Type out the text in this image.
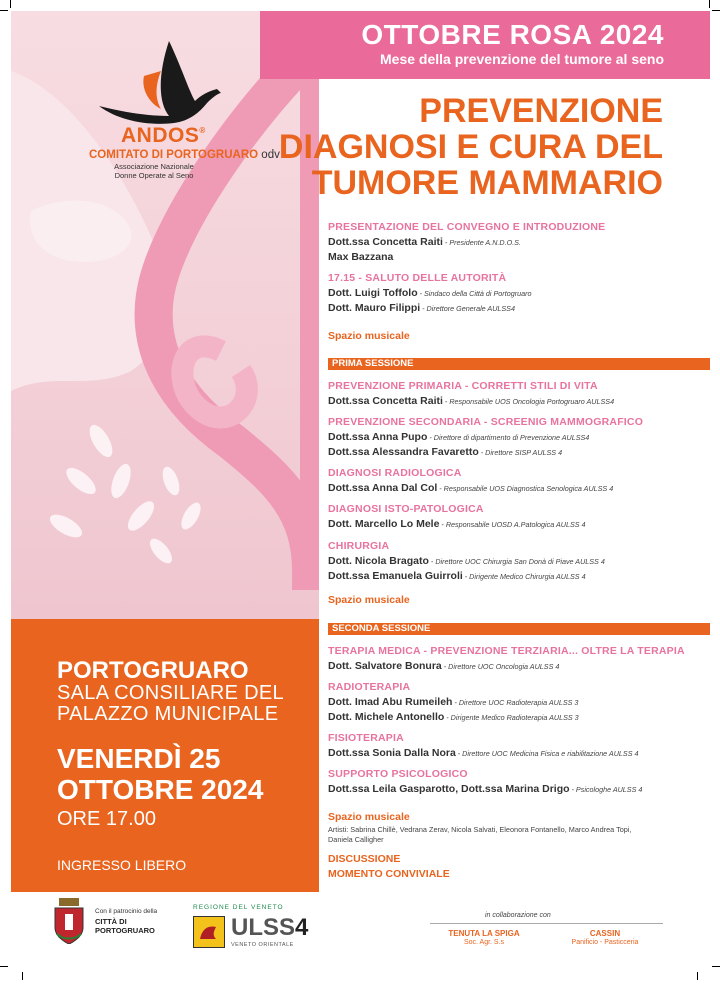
OTTOBRE ROSA 2024
Mese della prevenzione del tumore al seno
ANDOS®
COMITATO DI PORTOGRUARO odv
Associazione Nazionale
Donne Operate al Seno
PREVENZIONE
DIAGNOSI E CURA DEL
TUMORE MAMMARIO
PRESENTAZIONE DEL CONVEGNO E INTRODUZIONE
Dott.ssa Concetta Raiti - Presidente A.N.D.O.S.
Max Bazzana
17.15 - SALUTO DELLE AUTORITÀ
Dott. Luigi Toffolo - Sindaco della Città di Portogruaro
Dott. Mauro Filippi - Direttore Generale AULSS4
Spazio musicale
PRIMA SESSIONE
PREVENZIONE PRIMARIA - CORRETTI STILI DI VITA
Dott.ssa Concetta Raiti - Responsabile UOS Oncologia Portogruaro AULSS4
PREVENZIONE SECONDARIA - SCREENIG MAMMOGRAFICO
Dott.ssa Anna Pupo - Direttore di dipartimento di Prevenzione AULSS4
Dott.ssa Alessandra Favaretto - Direttore SISP AULSS 4
DIAGNOSI RADIOLOGICA
Dott.ssa Anna Dal Col - Responsabile UOS Diagnostica Senologica AULSS 4
DIAGNOSI ISTO-PATOLOGICA
Dott. Marcello Lo Mele - Responsabile UOSD A.Patologica AULSS 4
CHIRURGIA
Dott. Nicola Bragato - Direttore UOC Chirurgia San Donà di Piave AULSS 4
Dott.ssa Emanuela Guirroli - Dirigente Medico Chirurgia AULSS 4
Spazio musicale
SECONDA SESSIONE
TERAPIA MEDICA - PREVENZIONE TERZIARIA... OLTRE LA TERAPIA
Dott. Salvatore Bonura - Direttore UOC Oncologia AULSS 4
RADIOTERAPIA
Dott. Imad Abu Rumeileh - Direttore UOC Radioterapia AULSS 3
Dott. Michele Antonello - Dirigente Medico Radioterapia AULSS 3
FISIOTERAPIA
Dott.ssa Sonia Dalla Nora - Direttore UOC Medicina Fisica e riabilitazione AULSS 4
SUPPORTO PSICOLOGICO
Dott.ssa Leila Gasparotto, Dott.ssa Marina Drigo - Psicologhe AULSS 4
Spazio musicale
Artisti: Sabrina Chillè, Vedrana Zerav, Nicola Salvati, Eleonora Fontanello, Marco Andrea Topi,
Daniela Calligher
DISCUSSIONE
MOMENTO CONVIVIALE
PORTOGRUARO
SALA CONSILIARE DEL
PALAZZO MUNICIPALE
VENERDÌ 25
OTTOBRE 2024
ORE 17.00
INGRESSO LIBERO
Con il patrocinio della
CITTÀ DI
PORTOGRUARO
REGIONE DEL VENETO
ULSS4
VENETO ORIENTALE
in collaborazione con
TENUTA LA SPIGA
Soc. Agr. S.s
CASSIN
Panificio - Pasticceria
